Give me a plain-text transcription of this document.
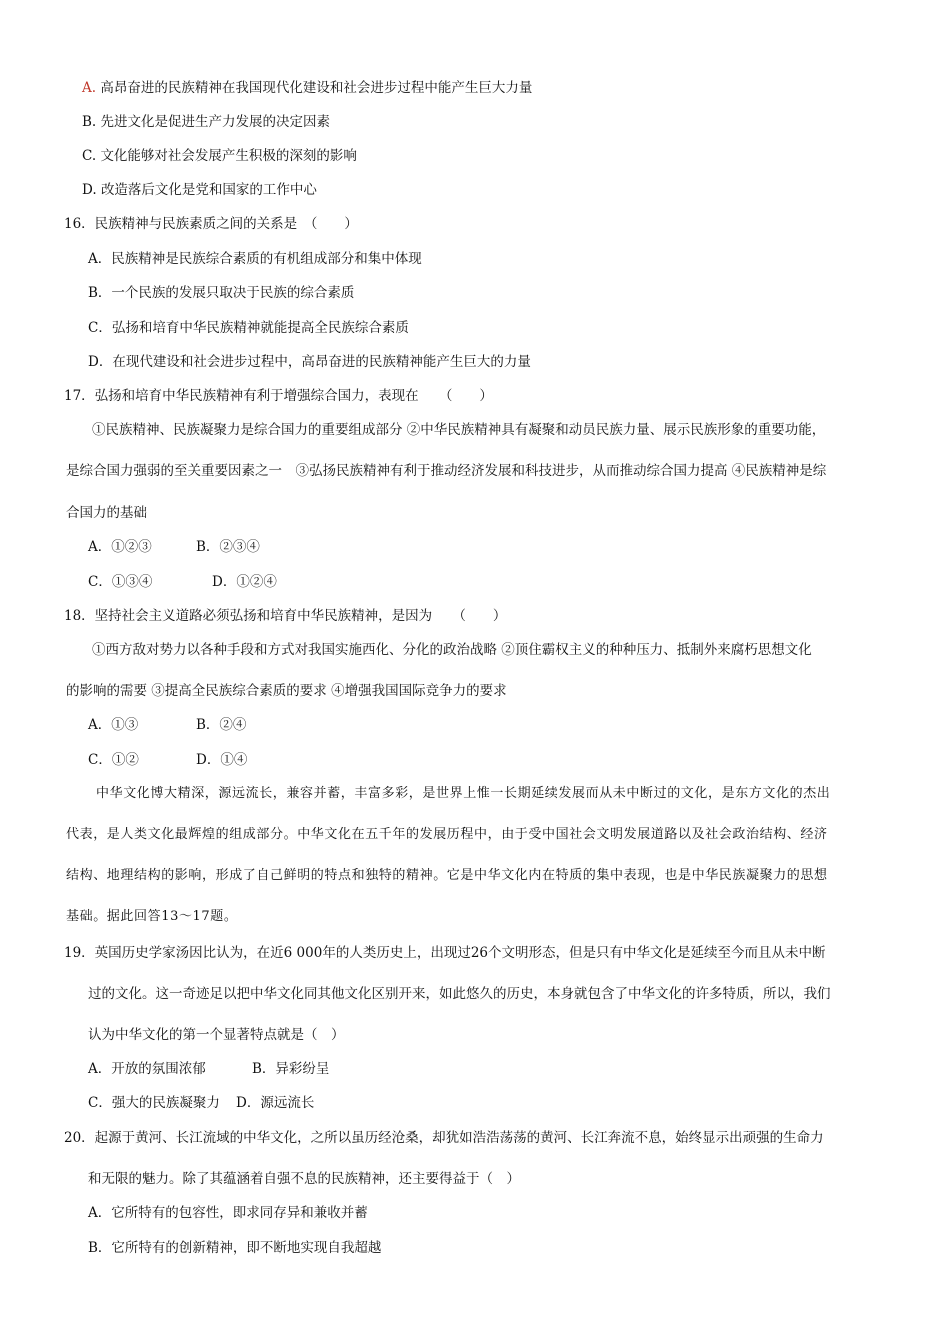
A. 高昂奋进的民族精神在我国现代化建设和社会进步过程中能产生巨大力量
B. 先进文化是促进生产力发展的决定因素
C. 文化能够对社会发展产生积极的深刻的影响
D. 改造落后文化是党和国家的工作中心
16．民族精神与民族素质之间的关系是　（　　）
A．民族精神是民族综合素质的有机组成部分和集中体现
B．一个民族的发展只取决于民族的综合素质
C．弘扬和培育中华民族精神就能提高全民族综合素质
D．在现代建设和社会进步过程中，高昂奋进的民族精神能产生巨大的力量
17．弘扬和培育中华民族精神有利于增强综合国力，表现在　　（　　）
①民族精神、民族凝聚力是综合国力的重要组成部分 ②中华民族精神具有凝聚和动员民族力量、展示民族形象的重要功能，
是综合国力强弱的至关重要因素之一　③弘扬民族精神有利于推动经济发展和科技进步，从而推动综合国力提高 ④民族精神是综
合国力的基础
A．①②③	B．②③④
C．①③④	D．①②④
18．坚持社会主义道路必须弘扬和培育中华民族精神，是因为　　（　　）
①西方敌对势力以各种手段和方式对我国实施西化、分化的政治战略 ②顶住霸权主义的种种压力、抵制外来腐朽思想文化
的影响的需要 ③提高全民族综合素质的要求 ④增强我国国际竞争力的要求
A．①③	B．②④
C．①②	D．①④
中华文化博大精深，源远流长，兼容并蓄，丰富多彩，是世界上惟一长期延续发展而从未中断过的文化，是东方文化的杰出
代表，是人类文化最辉煌的组成部分。中华文化在五千年的发展历程中，由于受中国社会文明发展道路以及社会政治结构、经济
结构、地理结构的影响，形成了自己鲜明的特点和独特的精神。它是中华文化内在特质的集中表现，也是中华民族凝聚力的思想
基础。据此回答13～17题。
19．英国历史学家汤因比认为，在近6 000年的人类历史上，出现过26个文明形态，但是只有中华文化是延续至今而且从未中断
过的文化。这一奇迹足以把中华文化同其他文化区别开来，如此悠久的历史，本身就包含了中华文化的许多特质，所以，我们
认为中华文化的第一个显著特点就是（　）
A．开放的氛围浓郁	B．异彩纷呈
C．强大的民族凝聚力 D．源远流长
20．起源于黄河、长江流域的中华文化，之所以虽历经沧桑，却犹如浩浩荡荡的黄河、长江奔流不息，始终显示出顽强的生命力
和无限的魅力。除了其蕴涵着自强不息的民族精神，还主要得益于（　）
A．它所特有的包容性，即求同存异和兼收并蓄
B．它所特有的创新精神，即不断地实现自我超越
